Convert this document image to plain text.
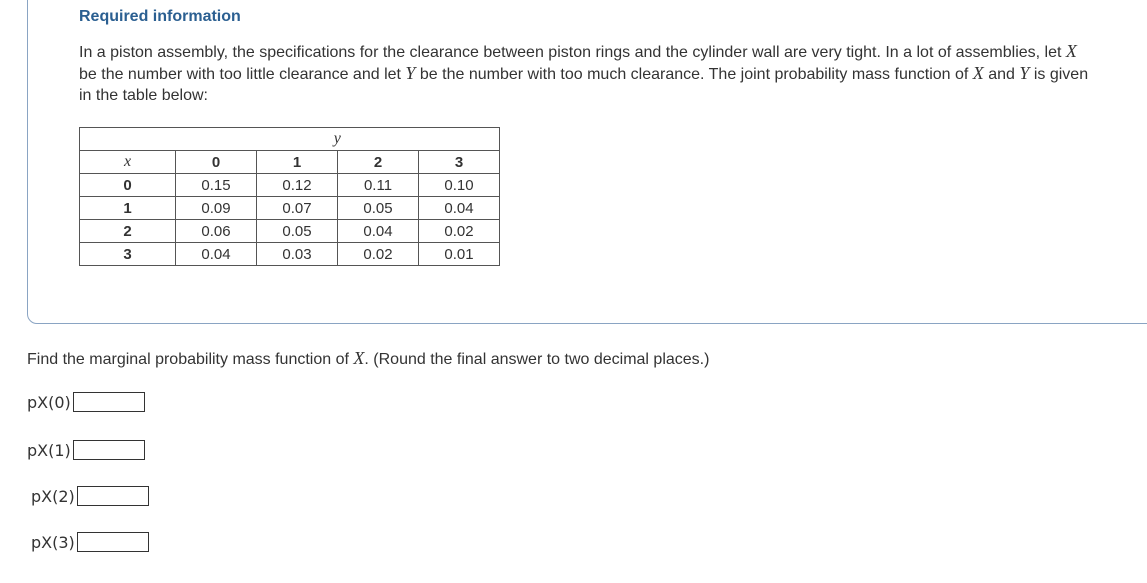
Required information

In a piston assembly, the specifications for the clearance between piston rings and the cylinder wall are very tight. In a lot of assemblies, let X be the number with too little clearance and let Y be the number with too much clearance. The joint probability mass function of X and Y is given in the table below:

	y			
x	0	1	2	3
0	0.15	0.12	0.11	0.10
1	0.09	0.07	0.05	0.04
2	0.06	0.05	0.04	0.02
3	0.04	0.03	0.02	0.01

Find the marginal probability mass function of X. (Round the final answer to two decimal places.)

pX(0)
pX(1)
pX(2)
pX(3)
